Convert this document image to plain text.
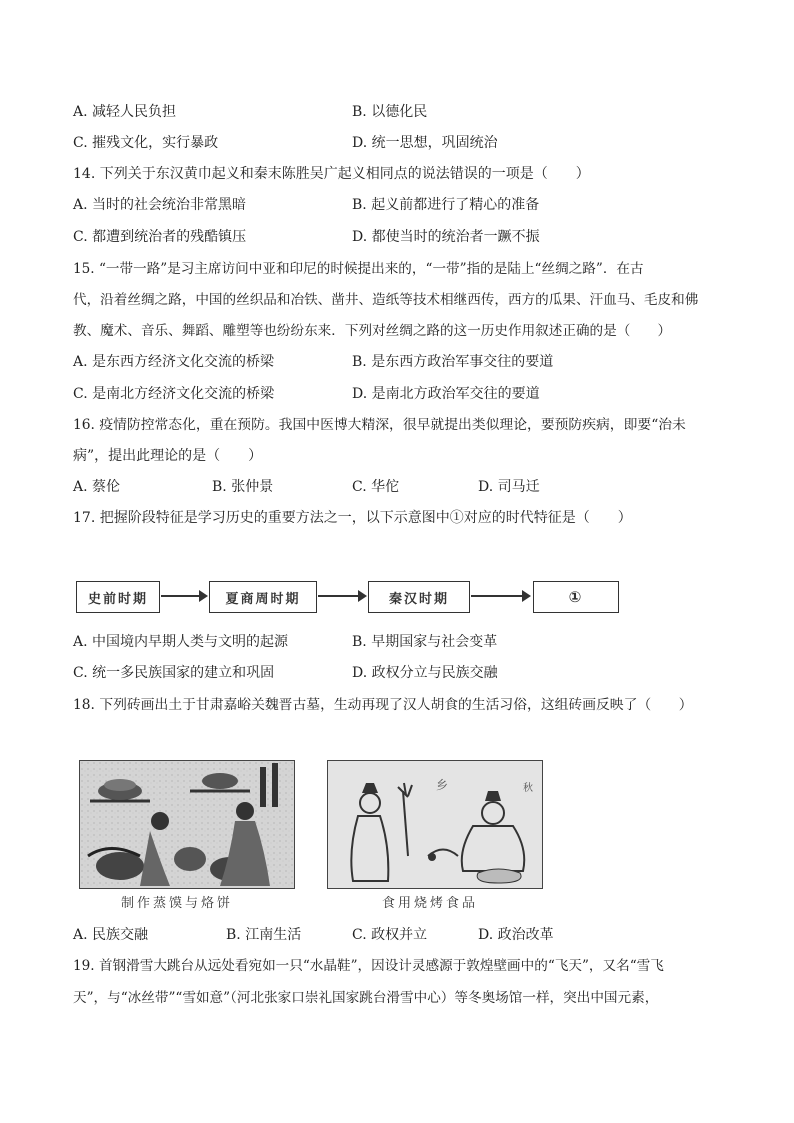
A. 减轻人民负担	B. 以德化民
C. 摧残文化，实行暴政	D. 统一思想，巩固统治
14. 下列关于东汉黄巾起义和秦末陈胜吴广起义相同点的说法错误的一项是（　　）
A. 当时的社会统治非常黑暗	B. 起义前都进行了精心的准备
C. 都遭到统治者的残酷镇压	D. 都使当时的统治者一蹶不振
15. “一带一路”是习主席访问中亚和印尼的时候提出来的，“一带”指的是陆上“丝绸之路”．在古
代，沿着丝绸之路，中国的丝织品和冶铁、凿井、造纸等技术相继西传，西方的瓜果、汗血马、毛皮和佛
教、魔术、音乐、舞蹈、雕塑等也纷纷东来．下列对丝绸之路的这一历史作用叙述正确的是（　　）
A. 是东西方经济文化交流的桥梁	B. 是东西方政治军事交往的要道
C. 是南北方经济文化交流的桥梁	D. 是南北方政治军交往的要道
16. 疫情防控常态化，重在预防。我国中医博大精深，很早就提出类似理论，要预防疾病，即要“治未
病”，提出此理论的是（　　）
A. 蔡伦	B. 张仲景	C. 华佗	D. 司马迁
17. 把握阶段特征是学习历史的重要方法之一，以下示意图中①对应的时代特征是（　　）
史前时期	夏商周时期	秦汉时期	①
A. 中国境内早期人类与文明的起源	B. 早期国家与社会变革
C. 统一多民族国家的建立和巩固	D. 政权分立与民族交融
18. 下列砖画出土于甘肃嘉峪关魏晋古墓，生动再现了汉人胡食的生活习俗，这组砖画反映了（　　）
制作蒸馍与烙饼
乡	秋
食用烧烤食品
A. 民族交融	B. 江南生活	C. 政权并立	D. 政治改革
19. 首钢滑雪大跳台从远处看宛如一只“水晶鞋”，因设计灵感源于敦煌壁画中的“飞天”，又名“雪飞
天”，与“冰丝带”“雪如意”（河北张家口崇礼国家跳台滑雪中心）等冬奥场馆一样，突出中国元素，
